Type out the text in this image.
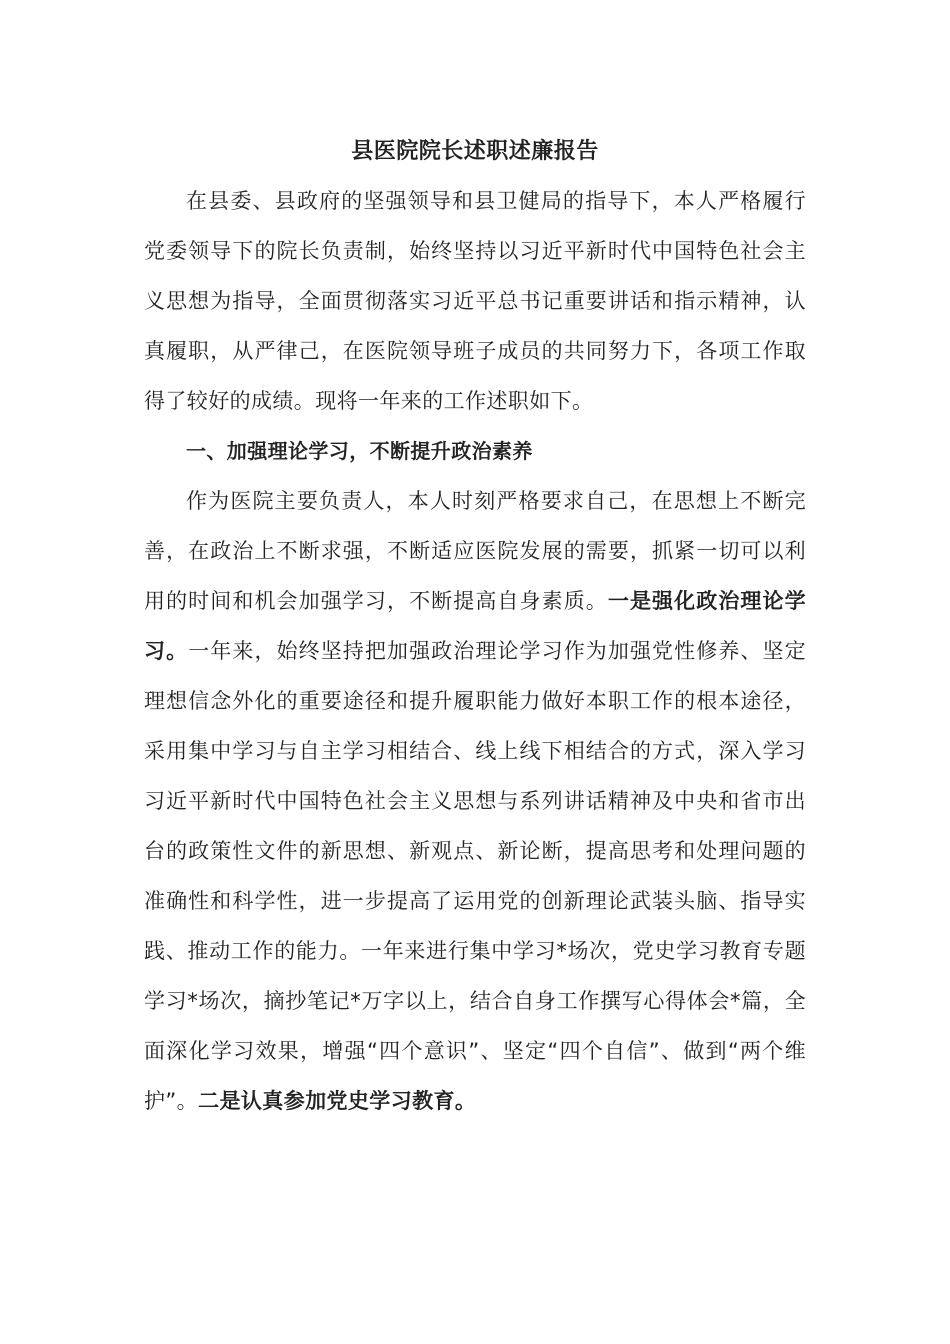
县医院院长述职述廉报告

在县委、县政府的坚强领导和县卫健局的指导下，本人严格履行党委领导下的院长负责制，始终坚持以习近平新时代中国特色社会主义思想为指导，全面贯彻落实习近平总书记重要讲话和指示精神，认真履职，从严律己，在医院领导班子成员的共同努力下，各项工作取得了较好的成绩。现将一年来的工作述职如下。

一、加强理论学习，不断提升政治素养

作为医院主要负责人，本人时刻严格要求自己，在思想上不断完善，在政治上不断求强，不断适应医院发展的需要，抓紧一切可以利用的时间和机会加强学习，不断提高自身素质。一是强化政治理论学习。一年来，始终坚持把加强政治理论学习作为加强党性修养、坚定理想信念外化的重要途径和提升履职能力做好本职工作的根本途径，采用集中学习与自主学习相结合、线上线下相结合的方式，深入学习习近平新时代中国特色社会主义思想与系列讲话精神及中央和省市出台的政策性文件的新思想、新观点、新论断，提高思考和处理问题的准确性和科学性，进一步提高了运用党的创新理论武装头脑、指导实践、推动工作的能力。一年来进行集中学习*场次，党史学习教育专题学习*场次，摘抄笔记*万字以上，结合自身工作撰写心得体会*篇，全面深化学习效果，增强“四个意识”、坚定“四个自信”、做到“两个维护”。二是认真参加党史学习教育。
